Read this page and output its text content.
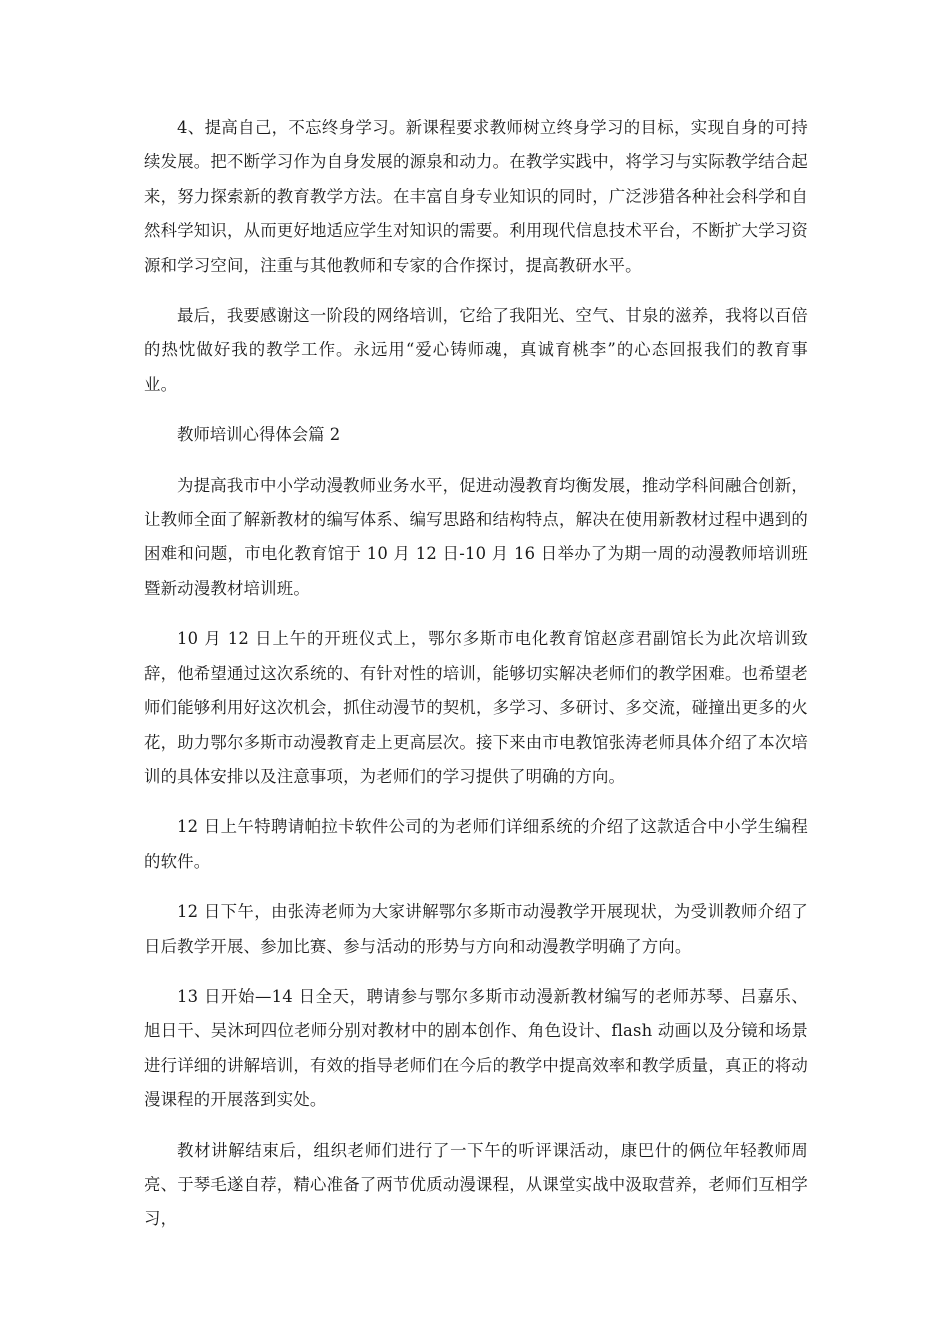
4、提高自己，不忘终身学习。新课程要求教师树立终身学习的目标，实现自身的可持续发展。把不断学习作为自身发展的源泉和动力。在教学实践中，将学习与实际教学结合起来，努力探索新的教育教学方法。在丰富自身专业知识的同时，广泛涉猎各种社会科学和自然科学知识，从而更好地适应学生对知识的需要。利用现代信息技术平台，不断扩大学习资源和学习空间，注重与其他教师和专家的合作探讨，提高教研水平。

最后，我要感谢这一阶段的网络培训，它给了我阳光、空气、甘泉的滋养，我将以百倍的热忱做好我的教学工作。永远用“爱心铸师魂，真诚育桃李”的心态回报我们的教育事业。

教师培训心得体会篇 2

为提高我市中小学动漫教师业务水平，促进动漫教育均衡发展，推动学科间融合创新，让教师全面了解新教材的编写体系、编写思路和结构特点，解决在使用新教材过程中遇到的困难和问题，市电化教育馆于 10 月 12 日-10 月 16 日举办了为期一周的动漫教师培训班暨新动漫教材培训班。

10 月 12 日上午的开班仪式上，鄂尔多斯市电化教育馆赵彦君副馆长为此次培训致辞，他希望通过这次系统的、有针对性的培训，能够切实解决老师们的教学困难。也希望老师们能够利用好这次机会，抓住动漫节的契机，多学习、多研讨、多交流，碰撞出更多的火花，助力鄂尔多斯市动漫教育走上更高层次。接下来由市电教馆张涛老师具体介绍了本次培训的具体安排以及注意事项，为老师们的学习提供了明确的方向。

12 日上午特聘请帕拉卡软件公司的为老师们详细系统的介绍了这款适合中小学生编程的软件。

12 日下午，由张涛老师为大家讲解鄂尔多斯市动漫教学开展现状，为受训教师介绍了日后教学开展、参加比赛、参与活动的形势与方向和动漫教学明确了方向。

13 日开始—14 日全天，聘请参与鄂尔多斯市动漫新教材编写的老师苏琴、吕嘉乐、旭日干、吴沐珂四位老师分别对教材中的剧本创作、角色设计、flash 动画以及分镜和场景进行详细的讲解培训，有效的指导老师们在今后的教学中提高效率和教学质量，真正的将动漫课程的开展落到实处。

教材讲解结束后，组织老师们进行了一下午的听评课活动，康巴什的俩位年轻教师周亮、于琴毛遂自荐，精心准备了两节优质动漫课程，从课堂实战中汲取营养，老师们互相学习，
